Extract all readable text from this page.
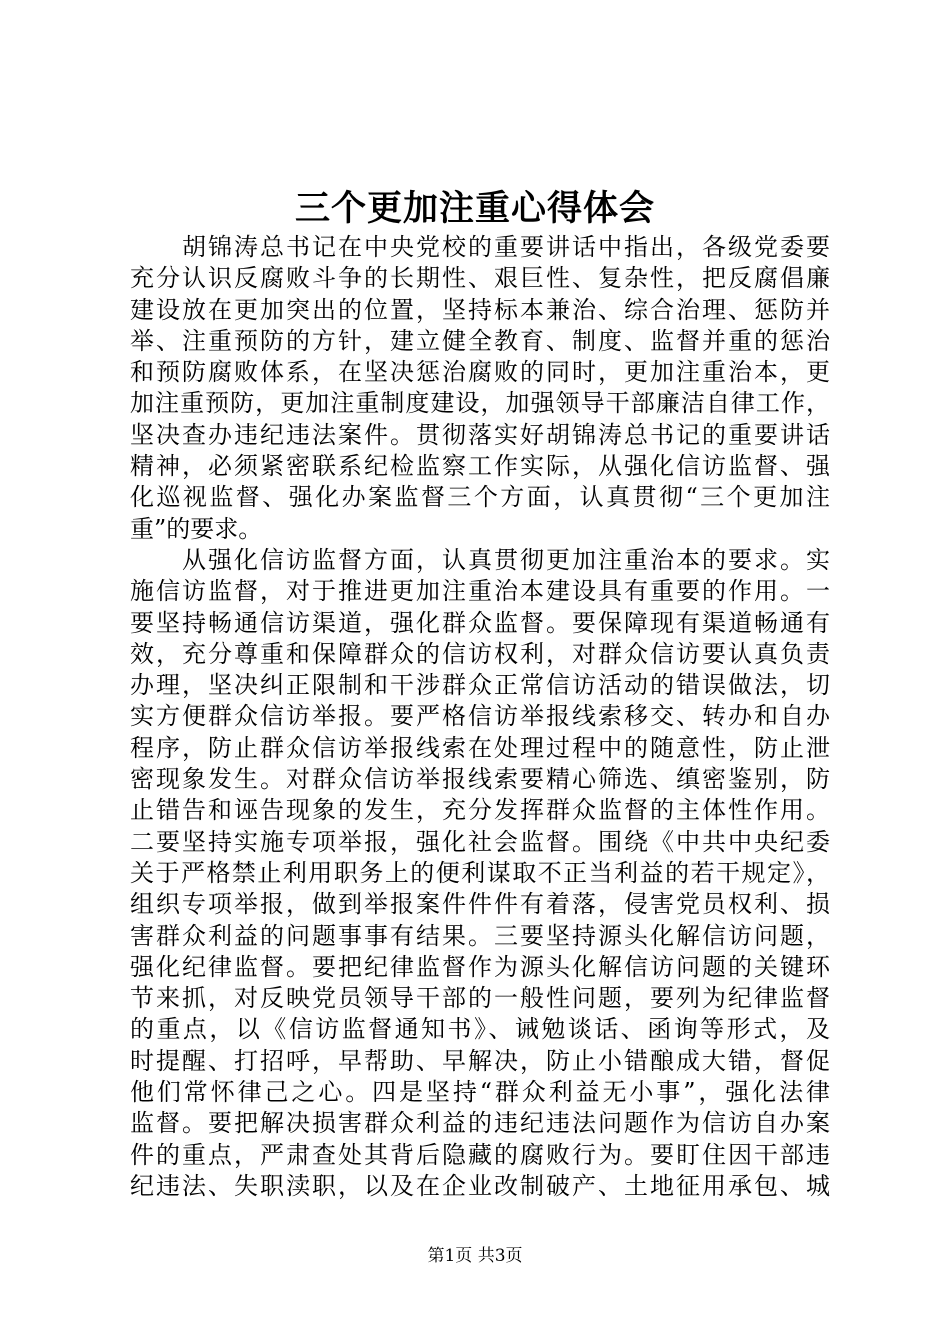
三个更加注重心得体会
　　胡锦涛总书记在中央党校的重要讲话中指出，各级党委要
充分认识反腐败斗争的长期性、艰巨性、复杂性，把反腐倡廉
建设放在更加突出的位置，坚持标本兼治、综合治理、惩防并
举、注重预防的方针，建立健全教育、制度、监督并重的惩治
和预防腐败体系，在坚决惩治腐败的同时，更加注重治本，更
加注重预防，更加注重制度建设，加强领导干部廉洁自律工作，
坚决查办违纪违法案件。贯彻落实好胡锦涛总书记的重要讲话
精神，必须紧密联系纪检监察工作实际，从强化信访监督、强
化巡视监督、强化办案监督三个方面，认真贯彻“三个更加注
重”的要求。
　　从强化信访监督方面，认真贯彻更加注重治本的要求。实
施信访监督，对于推进更加注重治本建设具有重要的作用。一
要坚持畅通信访渠道，强化群众监督。要保障现有渠道畅通有
效，充分尊重和保障群众的信访权利，对群众信访要认真负责
办理，坚决纠正限制和干涉群众正常信访活动的错误做法，切
实方便群众信访举报。要严格信访举报线索移交、转办和自办
程序，防止群众信访举报线索在处理过程中的随意性，防止泄
密现象发生。对群众信访举报线索要精心筛选、缜密鉴别，防
止错告和诬告现象的发生，充分发挥群众监督的主体性作用。
二要坚持实施专项举报，强化社会监督。围绕《中共中央纪委
关于严格禁止利用职务上的便利谋取不正当利益的若干规定》，
组织专项举报，做到举报案件件件有着落，侵害党员权利、损
害群众利益的问题事事有结果。三要坚持源头化解信访问题，
强化纪律监督。要把纪律监督作为源头化解信访问题的关键环
节来抓，对反映党员领导干部的一般性问题，要列为纪律监督
的重点，以《信访监督通知书》、诫勉谈话、函询等形式，及
时提醒、打招呼，早帮助、早解决，防止小错酿成大错，督促
他们常怀律己之心。四是坚持“群众利益无小事”，强化法律
监督。要把解决损害群众利益的违纪违法问题作为信访自办案
件的重点，严肃查处其背后隐藏的腐败行为。要盯住因干部违
纪违法、失职渎职，以及在企业改制破产、土地征用承包、城
第1页 共3页
